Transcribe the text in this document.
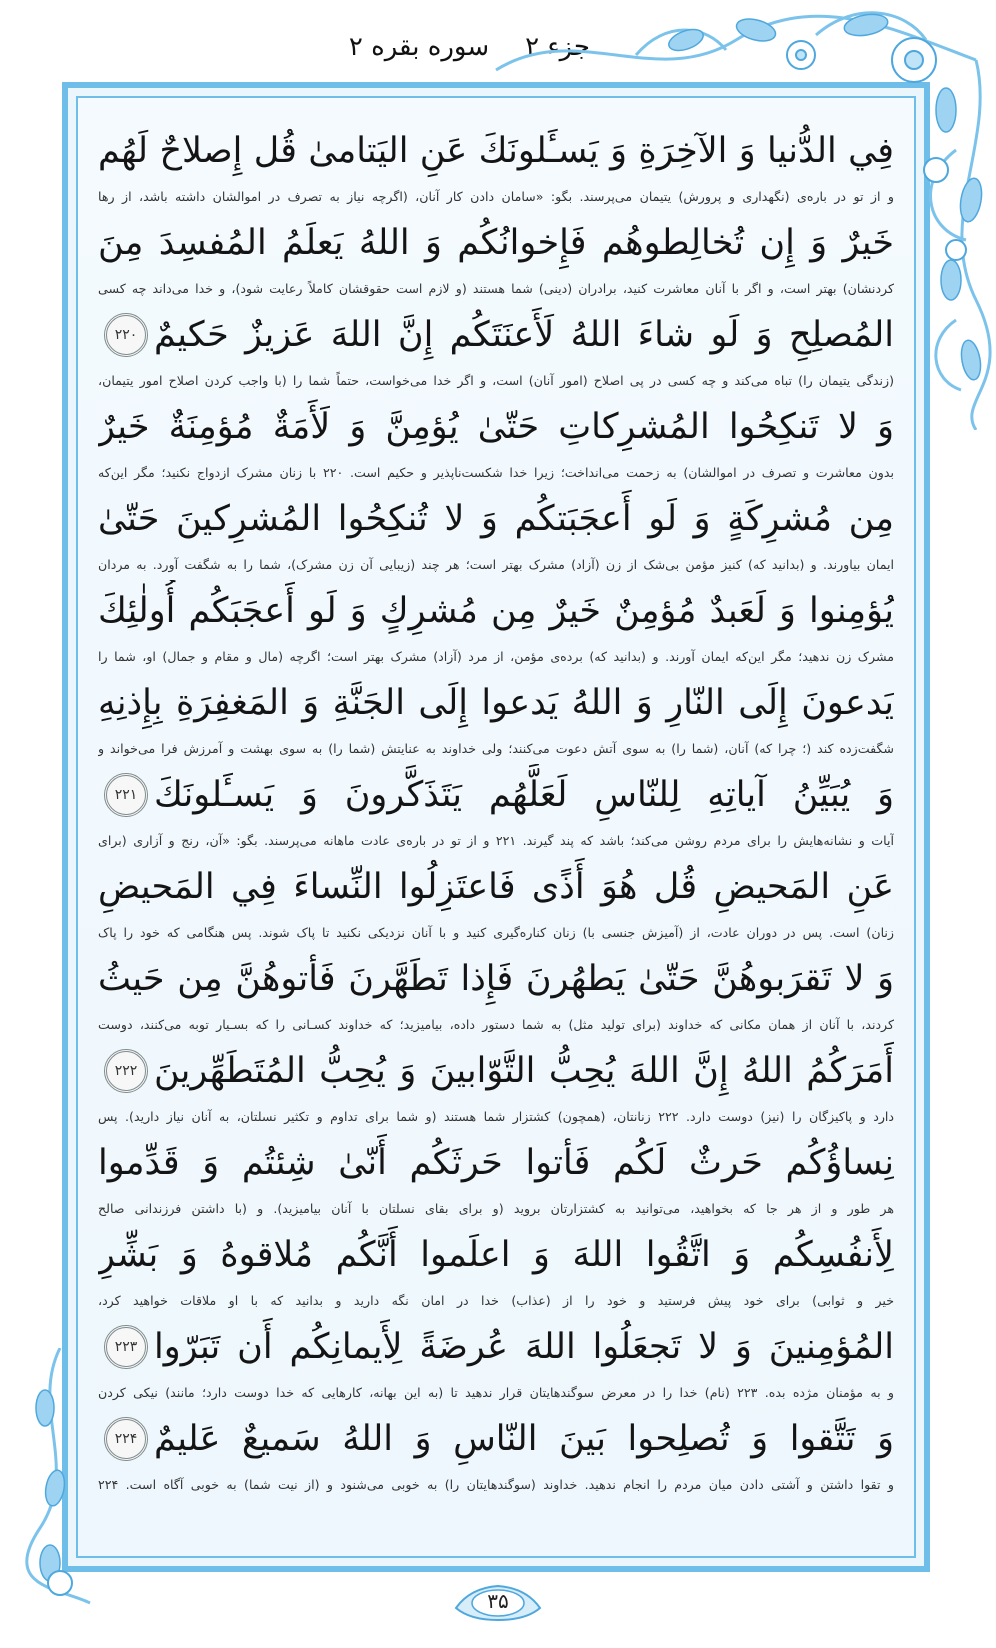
جزء ۲
سوره بقره ۲
فِي الدُّنيا وَ الآخِرَةِ وَ يَسـَٔلونَكَ عَنِ اليَتامىٰ قُل إِصلاحٌ لَهُم
و از تو در باره‌ی (نگهداری و پرورش) یتیمان می‌پرسند. بگو: «سامان دادن کار آنان، (اگرچه نیاز به تصرف در اموالشان داشته باشد، از رها
خَيرٌ وَ إِن تُخالِطوهُم فَإِخوانُكُم وَ اللهُ يَعلَمُ المُفسِدَ مِنَ
کردنشان) بهتر است، و اگر با آنان معاشرت کنید، برادران (دینی) شما هستند (و لازم است حقوقشان کاملاً رعایت شود)، و خدا می‌داند چه کسی
المُصلِحِ وَ لَو شاءَ اللهُ لَأَعنَتَكُم إِنَّ اللهَ عَزيزٌ حَكيمٌ
۲۲۰
(زندگی یتیمان را) تباه می‌کند و چه کسی در پی اصلاح (امور آنان) است، و اگر خدا می‌خواست، حتماً شما را (با واجب کردن اصلاح امور یتیمان،
وَ لا تَنكِحُوا المُشرِكاتِ حَتّىٰ يُؤمِنَّ وَ لَأَمَةٌ مُؤمِنَةٌ خَيرٌ
بدون معاشرت و تصرف در اموالشان) به زحمت می‌انداخت؛ زیرا خدا شکست‌ناپذیر و حکیم است. ۲۲۰ با زنان مشرک ازدواج نکنید؛ مگر این‌که
مِن مُشرِكَةٍ وَ لَو أَعجَبَتكُم وَ لا تُنكِحُوا المُشرِكينَ حَتّىٰ
ایمان بیاورند. و (بدانید که) کنیز مؤمن بی‌شک از زن (آزاد) مشرک بهتر است؛ هر چند (زیبایی آن زن مشرک)، شما را به شگفت آورد. به مردان
يُؤمِنوا وَ لَعَبدٌ مُؤمِنٌ خَيرٌ مِن مُشرِكٍ وَ لَو أَعجَبَكُم أُولٰئِكَ
مشرک زن ندهید؛ مگر این‌که ایمان آورند. و (بدانید که) برده‌ی مؤمن، از مرد (آزاد) مشرک بهتر است؛ اگرچه (مال و مقام و جمال) او، شما را
يَدعونَ إِلَى النّارِ وَ اللهُ يَدعوا إِلَى الجَنَّةِ وَ المَغفِرَةِ بِإِذنِهِ
شگفت‌زده کند (؛ چرا که) آنان، (شما را) به سوی آتش دعوت می‌کنند؛ ولی خداوند به عنایتش (شما را) به سوی بهشت و آمرزش فرا می‌خواند و
وَ يُبَيِّنُ آياتِهِ لِلنّاسِ لَعَلَّهُم يَتَذَكَّرونَ وَ يَسـَٔلونَكَ
۲۲۱
آیات و نشانه‌هایش را برای مردم روشن می‌کند؛ باشد که پند گیرند. ۲۲۱ و از تو در باره‌ی عادت ماهانه می‌پرسند. بگو: «آن، رنج و آزاری (برای
عَنِ المَحيضِ قُل هُوَ أَذًى فَاعتَزِلُوا النِّساءَ فِي المَحيضِ
زنان) است. پس در دوران عادت، از (آمیزش جنسی با) زنان کناره‌گیری کنید و با آنان نزدیکی نکنید تا پاک شوند. پس هنگامی که خود را پاک
وَ لا تَقرَبوهُنَّ حَتّىٰ يَطهُرنَ فَإِذا تَطَهَّرنَ فَأتوهُنَّ مِن حَيثُ
کردند، با آنان از همان مکانی که خداوند (برای تولید مثل) به شما دستور داده، بیامیزید؛ که خداوند کسـانی را که بسـیار توبه می‌کنند، دوست
أَمَرَكُمُ اللهُ إِنَّ اللهَ يُحِبُّ التَّوّابينَ وَ يُحِبُّ المُتَطَهِّرينَ
۲۲۲
دارد و پاکیزگان را (نیز) دوست دارد. ۲۲۲ زنانتان، (همچون) کشتزار شما هستند (و شما برای تداوم و تکثیر نسلتان، به آنان نیاز دارید). پس
نِساؤُكُم حَرثٌ لَكُم فَأتوا حَرثَكُم أَنّىٰ شِئتُم وَ قَدِّموا
هر طور و از هر جا که بخواهید، می‌توانید به کشتزارتان بروید (و برای بقای نسلتان با آنان بیامیزید). و (با داشتن فرزندانی صالح
لِأَنفُسِكُم وَ اتَّقُوا اللهَ وَ اعلَموا أَنَّكُم مُلاقوهُ وَ بَشِّرِ
خیر و ثوابی) برای خود پیش فرستید و خود را از (عذاب) خدا در امان نگه دارید و بدانید که با او ملاقات خواهید کرد،
المُؤمِنينَ وَ لا تَجعَلُوا اللهَ عُرضَةً لِأَيمانِكُم أَن تَبَرّوا
۲۲۳
و به مؤمنان مژده بده. ۲۲۳ (نام) خدا را در معرض سوگندهایتان قرار ندهید تا (به این بهانه، کارهایی که خدا دوست دارد؛ مانند) نیکی کردن
وَ تَتَّقوا وَ تُصلِحوا بَينَ النّاسِ وَ اللهُ سَميعٌ عَليمٌ
۲۲۴
و تقوا داشتن و آشتی دادن میان مردم را انجام ندهید. خداوند (سوگندهایتان را) به خوبی می‌شنود و (از نیت شما) به خوبی آگاه است. ۲۲۴
۳۵
